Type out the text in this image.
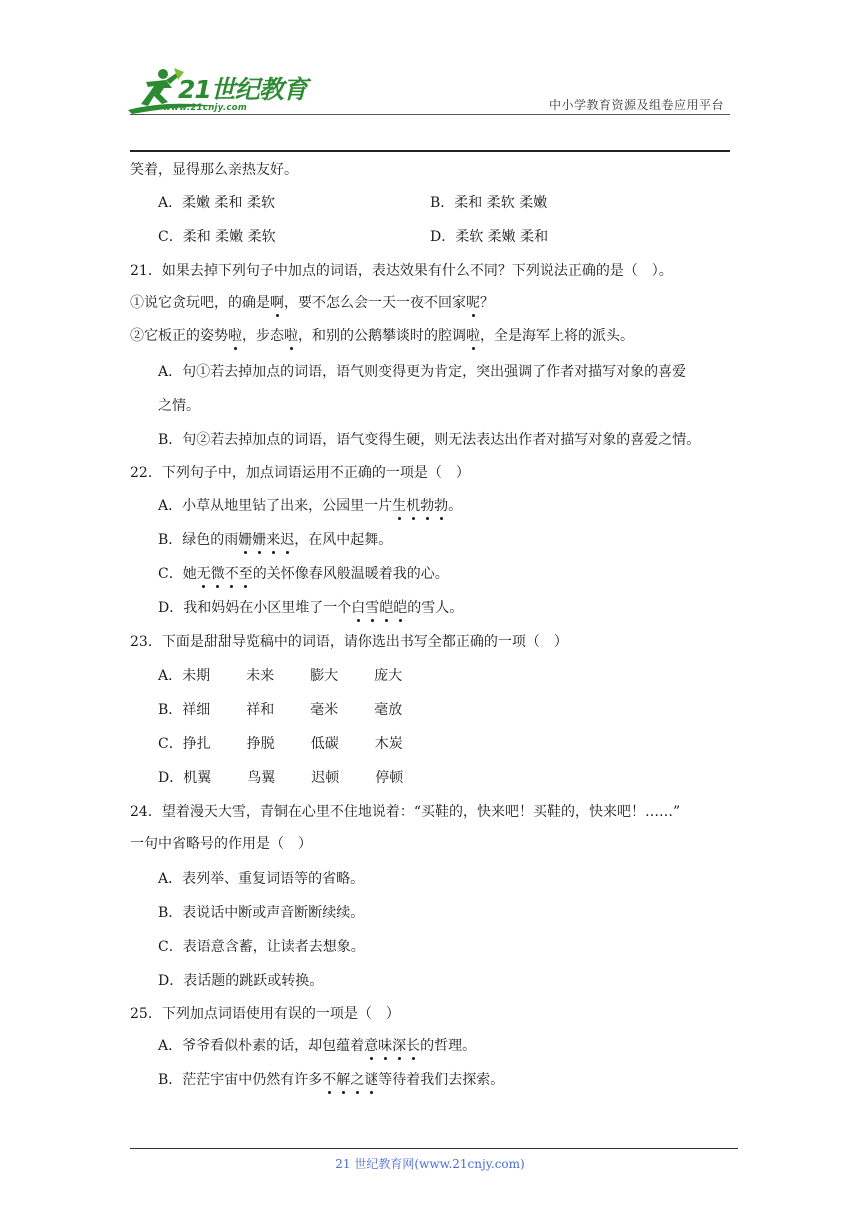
21世纪教育
www.21cnjy.com	中小学教育资源及组卷应用平台
笑着，显得那么亲热友好。
A．柔嫩 柔和 柔软	B．柔和 柔软 柔嫩
C．柔和 柔嫩 柔软	D．柔软 柔嫩 柔和
21．如果去掉下列句子中加点的词语，表达效果有什么不同？下列说法正确的是（　）。
①说它贪玩吧，的确是啊，要不怎么会一天一夜不回家呢？
②它板正的姿势啦，步态啦，和别的公鹅攀谈时的腔调啦，全是海军上将的派头。
A．句①若去掉加点的词语，语气则变得更为肯定，突出强调了作者对描写对象的喜爱
之情。
B．句②若去掉加点的词语，语气变得生硬，则无法表达出作者对描写对象的喜爱之情。
22．下列句子中，加点词语运用不正确的一项是（　）
A．小草从地里钻了出来，公园里一片生机勃勃。
B．绿色的雨姗姗来迟，在风中起舞。
C．她无微不至的关怀像春风般温暖着我的心。
D．我和妈妈在小区里堆了一个白雪皑皑的雪人。
23．下面是甜甜导览稿中的词语，请你选出书写全都正确的一项（　）
A．未期	未来	膨大	庞大
B．祥细	祥和	毫米	毫放
C．挣扎	挣脱	低碳	木炭
D．机翼	鸟翼	迟顿	停顿
24．望着漫天大雪，青铜在心里不住地说着：“买鞋的，快来吧！买鞋的，快来吧！……”
一句中省略号的作用是（　）
A．表列举、重复词语等的省略。
B．表说话中断或声音断断续续。
C．表语意含蓄，让读者去想象。
D．表话题的跳跃或转换。
25．下列加点词语使用有误的一项是（　）
A．爷爷看似朴素的话，却包蕴着意味深长的哲理。
B．茫茫宇宙中仍然有许多不解之谜等待着我们去探索。
21 世纪教育网(www.21cnjy.com)
